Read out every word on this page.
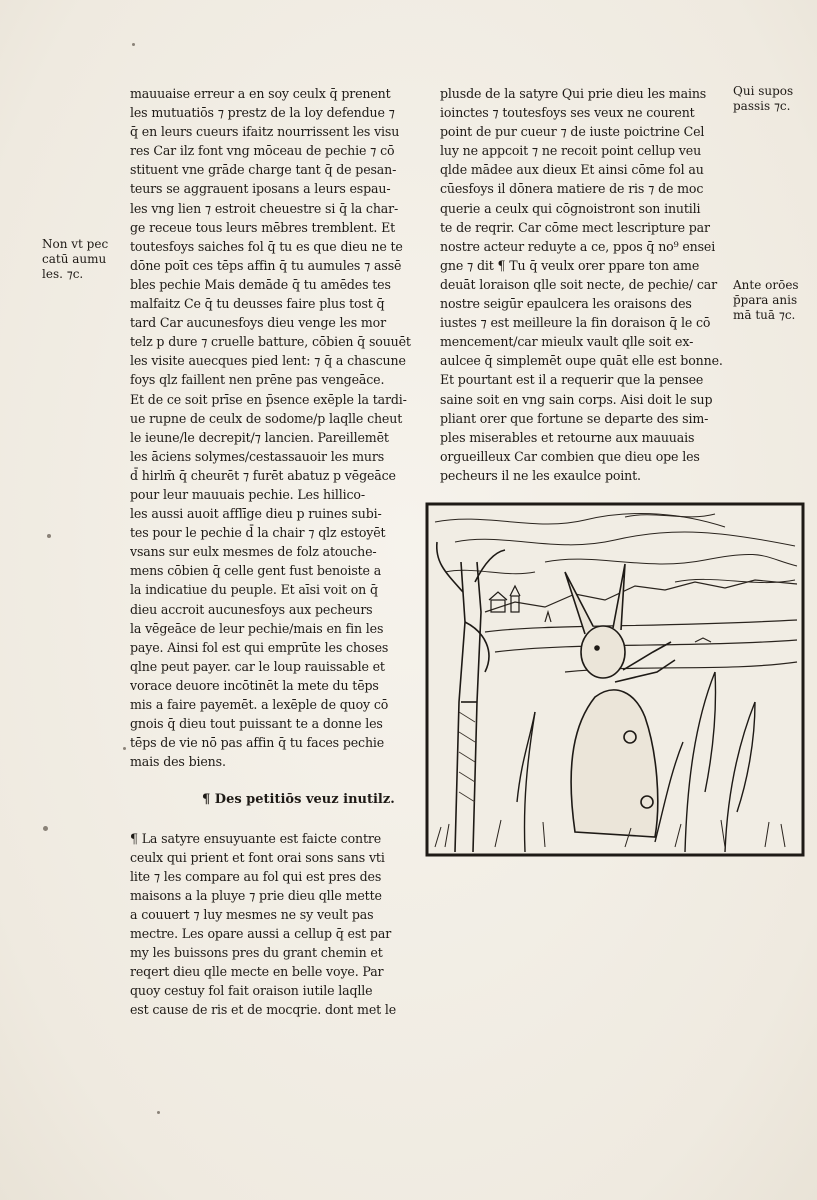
mauuaise erreur a en soy ceulx q̄ prenent
les mutuatiōs ⁊ prestz de la loy defendue ⁊
q̄ en leurs cueurs ifaitz nourrissent les visu
res Car ilz font vng mōceau de pechie ⁊ cō
stituent vne grāde charge tant q̄ de pesan-
teurs se aggrauent iposans a leurs espau-
les vng lien ⁊ estroit cheuestre si q̄ la char-
ge receue tous leurs mēbres tremblent. Et
toutesfoys saiches fol q̄ tu es que dieu ne te
dōne poīt ces tēps affin q̄ tu aumules ⁊ assē
bles pechie Mais demāde q̄ tu amēdes tes
malfaitz Ce q̄ tu deusses faire plus tost q̄
tard Car aucunesfoys dieu venge les mor
telz p dure ⁊ cruelle batture, cōbien q̄ souuēt
les visite auecques pied lent: ⁊ q̄ a chascune
foys qlz faillent nen prēne pas vengeāce.
Et de ce soit prīse en p̄sence exēple la tardi-
ue rupne de ceulx de sodome/p laqlle cheut
le ieune/le decrepit/⁊ lancien. Pareillemēt
les āciens solymes/cestassauoir les murs
d̄ hirlm̄ q̄ cheurēt ⁊ furēt abatuz p vēgeāce
pour leur mauuais pechie. Les hillico-
les aussi auoit afflīge dieu p ruines subi-
tes pour le pechie d̄ la chair ⁊ qlz estoyēt
vsans sur eulx mesmes de folz atouche-
mens cōbien q̄ celle gent fust benoiste a
la indicatiue du peuple. Et aīsi voit on q̄
dieu accroit aucunesfoys aux pecheurs
la vēgeāce de leur pechie/mais en fin les
paye. Ainsi fol est qui emprūte les choses
qlne peut payer. car le loup rauissable et
vorace deuore incōtinēt la mete du tēps
mis a faire payemēt. a lexēple de quoy cō
gnois q̄ dieu tout puissant te a donne les
tēps de vie nō pas affin q̄ tu faces pechie
mais des biens.
¶ Des petitiōs veuz inutilz.
¶ La satyre ensuyuante est faicte contre
ceulx qui prient et font orai sons sans vti
lite ⁊ les compare au fol qui est pres des
maisons a la pluye ⁊ prie dieu qlle mette
a couuert ⁊ luy mesmes ne sy veult pas
mectre. Les opare aussi a cellup q̄ est par
my les buissons pres du grant chemin et
reqert dieu qlle mecte en belle voye. Par
quoy cestuy fol fait oraison iutile laqlle
est cause de ris et de mocqrie. dont met le
plusde de la satyre Qui prie dieu les mains
ioinctes ⁊ toutesfoys ses veux ne courent
point de pur cueur ⁊ de iuste poictrine Cel
luy ne appcoit ⁊ ne recoit point cellup veu
qlde mādee aux dieux Et ainsi cōme fol au
cūesfoys il dōnera matiere de ris ⁊ de moc
querie a ceulx qui cōgnoistront son inutili
te de reqrir. Car cōme mect lescripture par
nostre acteur reduyte a ce, ppos q̄ no⁹ ensei
gne ⁊ dit ¶ Tu q̄ veulx orer ppare ton ame
deuāt loraison qlle soit necte, de pechie/ car
nostre seigūr epaulcera les oraisons des
iustes ⁊ est meilleure la fin doraison q̄ le cō
mencement/car mieulx vault qlle soit ex-
aulcee q̄ simplemēt oupe quāt elle est bonne.
Et pourtant est il a requerir que la pensee
saine soit en vng sain corps. Aisi doit le sup
pliant orer que fortune se departe des sim-
ples miserables et retourne aux mauuais
orgueilleux Car combien que dieu ope les
pecheurs il ne les exaulce point.
Non vt pec
catū aumu
les. ⁊c.
Qui supos
passis ⁊c.
Ante orōes
p̄para anis
mā tuā ⁊c.
